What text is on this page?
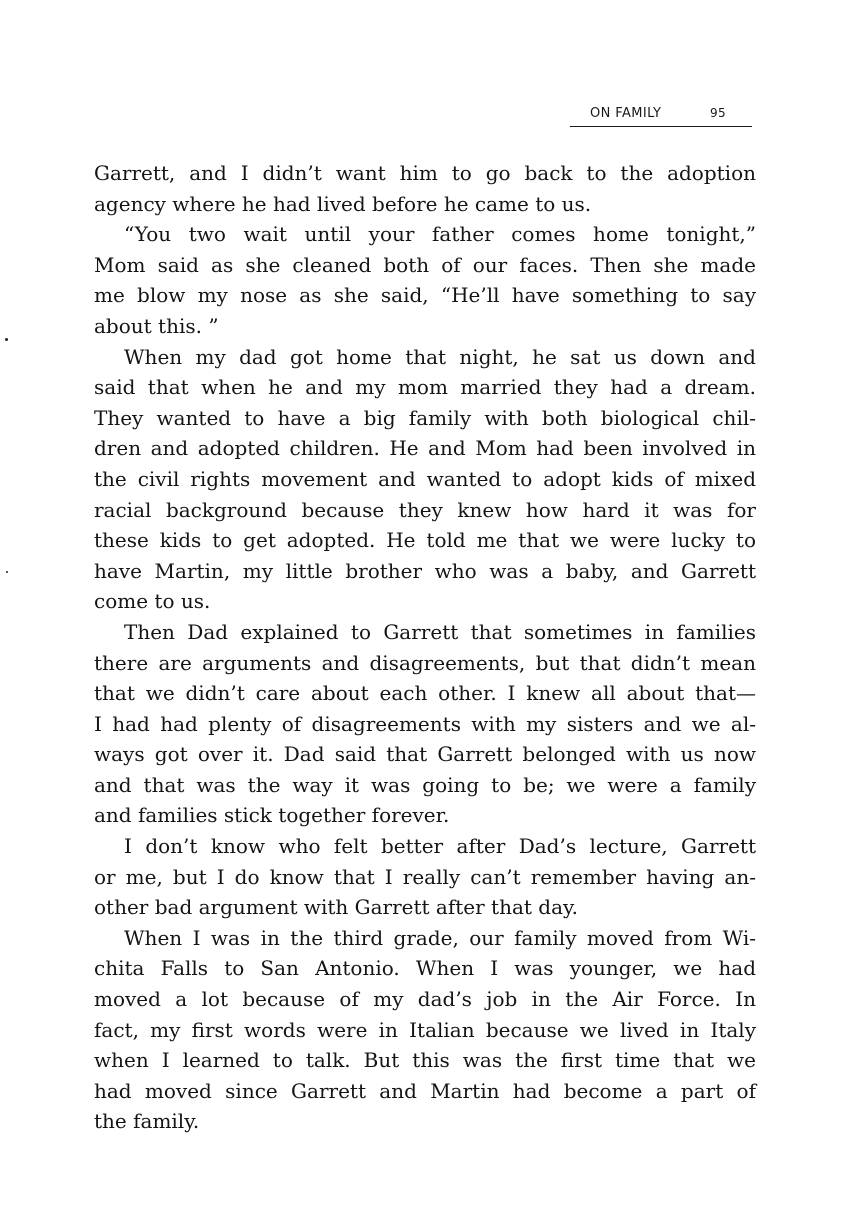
ON FAMILY	95
Garrett, and I didn’t want him to go back to the adoption
agency where he had lived before he came to us.
“You two wait until your father comes home tonight,”
Mom said as she cleaned both of our faces. Then she made
me blow my nose as she said, “He’ll have something to say
about this. ”
When my dad got home that night, he sat us down and
said that when he and my mom married they had a dream.
They wanted to have a big family with both biological chil-
dren and adopted children. He and Mom had been involved in
the civil rights movement and wanted to adopt kids of mixed
racial background because they knew how hard it was for
these kids to get adopted. He told me that we were lucky to
have Martin, my little brother who was a baby, and Garrett
come to us.
Then Dad explained to Garrett that sometimes in families
there are arguments and disagreements, but that didn’t mean
that we didn’t care about each other. I knew all about that—
I had had plenty of disagreements with my sisters and we al-
ways got over it. Dad said that Garrett belonged with us now
and that was the way it was going to be; we were a family
and families stick together forever.
I don’t know who felt better after Dad’s lecture, Garrett
or me, but I do know that I really can’t remember having an-
other bad argument with Garrett after that day.
When I was in the third grade, our family moved from Wi-
chita Falls to San Antonio. When I was younger, we had
moved a lot because of my dad’s job in the Air Force. In
fact, my first words were in Italian because we lived in Italy
when I learned to talk. But this was the first time that we
had moved since Garrett and Martin had become a part of
the family.
